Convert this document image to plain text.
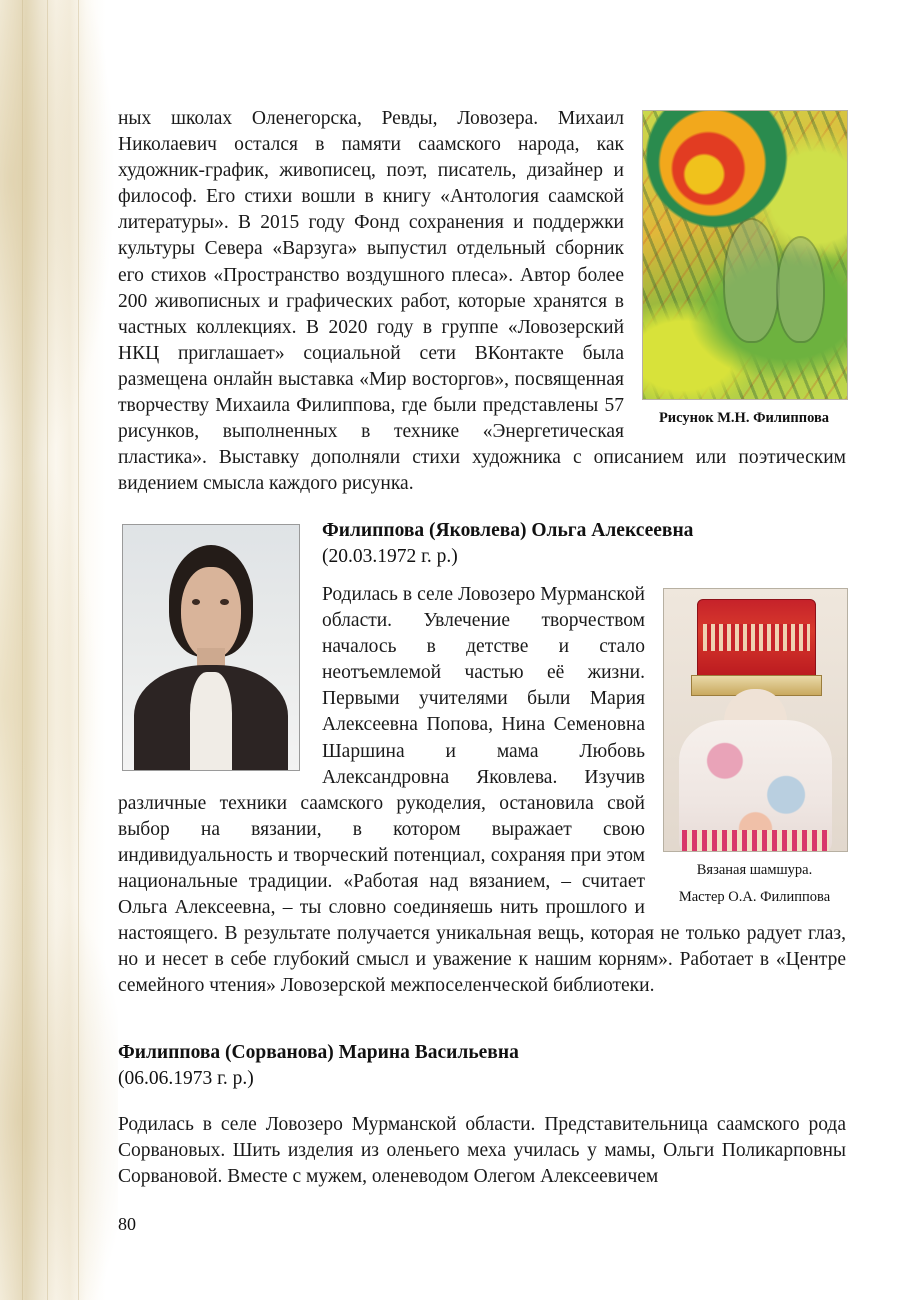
Рисунок М.Н. Филиппова

ных школах Оленегорска, Ревды, Ловозера. Михаил Николаевич остался в памяти саамского народа, как художник-график, живописец, поэт, писатель, дизайнер и философ. Его стихи вошли в книгу «Антология саамской литературы». В 2015 году Фонд сохранения и поддержки культуры Севера «Варзуга» выпустил отдельный сборник его стихов «Пространство воздушного плеса». Автор более 200 живописных и графических работ, которые хранятся в частных коллекциях. В 2020 году в группе «Ловозерский НКЦ приглашает» социальной сети ВКонтакте была размещена онлайн выставка «Мир восторгов», посвященная творчеству Михаила Филиппова, где были представлены 57 рисунков, выполненных в технике «Энергетическая пластика». Выставку дополняли стихи художника с описанием или поэтическим видением смысла каждого рисунка.

Филиппова (Яковлева) Ольга Алексеевна

(20.03.1972 г. р.)

Вязаная шамшура.
Мастер О.А. Филиппова

Родилась в селе Ловозеро Мурманской области. Увлечение творчеством началось в детстве и стало неотъемлемой частью её жизни. Первыми учителями были Мария Алексеевна Попова, Нина Семеновна Шаршина и мама Любовь Александровна Яковлева. Изучив различные техники саамского рукоделия, остановила свой выбор на вязании, в котором выражает свою индивидуальность и творческий потенциал, сохраняя при этом национальные традиции. «Работая над вязанием, – считает Ольга Алексеевна, – ты словно соединяешь нить прошлого и настоящего. В результате получается уникальная вещь, которая не только радует глаз, но и несет в себе глубокий смысл и уважение к нашим корням». Работает в «Центре семейного чтения» Ловозерской межпоселенческой библиотеки.

Филиппова (Сорванова) Марина Васильевна

(06.06.1973 г. р.)

Родилась в селе Ловозеро Мурманской области. Представительница саамского рода Сорвановых. Шить изделия из оленьего меха училась у мамы, Ольги Поликарповны Сорвановой. Вместе с мужем, оленеводом Олегом Алексеевичем

80
